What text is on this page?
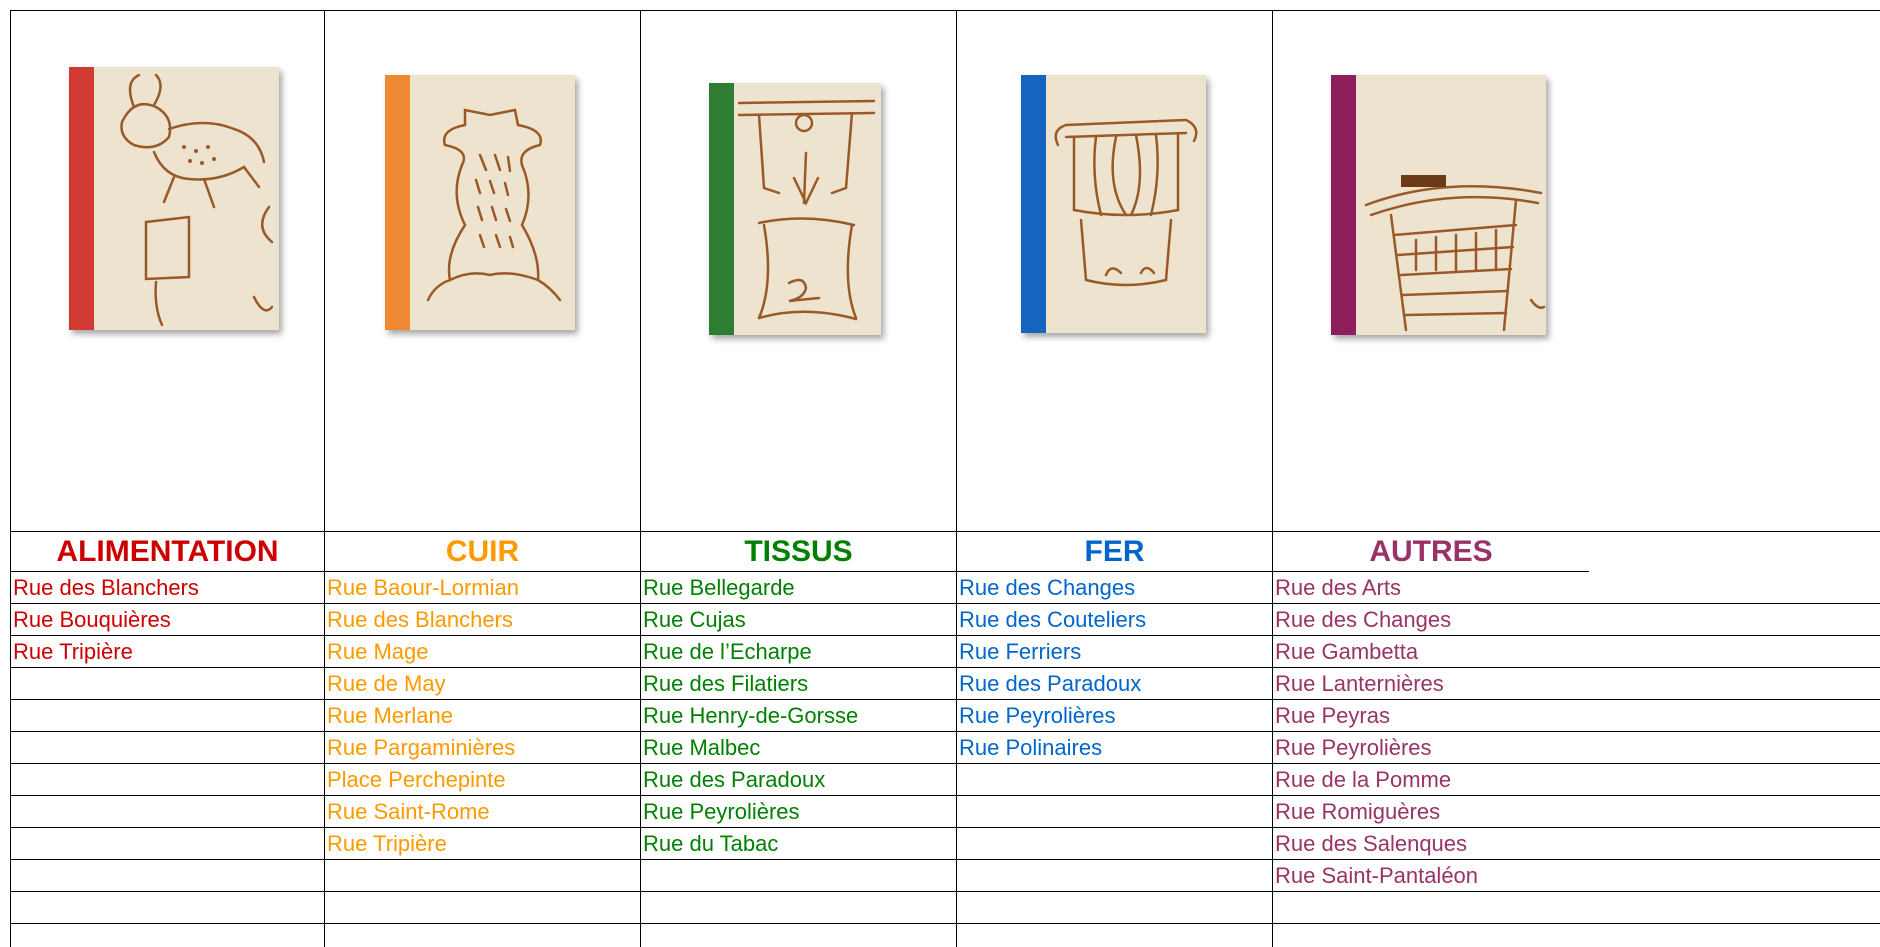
ALIMENTATION
Rue des Blanchers
Rue Bouquières
Rue Tripière
CUIR
Rue Baour-Lormian
Rue des Blanchers
Rue Mage
Rue de May
Rue Merlane
Rue Pargaminières
Place Perchepinte
Rue Saint-Rome
Rue Tripière
TISSUS
Rue Bellegarde
Rue Cujas
Rue de l’Echarpe
Rue des Filatiers
Rue Henry-de-Gorsse
Rue Malbec
Rue des Paradoux
Rue Peyrolières
Rue du Tabac
FER
Rue des Changes
Rue des Couteliers
Rue Ferriers
Rue des Paradoux
Rue Peyrolières
Rue Polinaires
AUTRES
Rue des Arts
Rue des Changes
Rue Gambetta
Rue Lanternières
Rue Peyras
Rue Peyrolières
Rue de la Pomme
Rue Romiguères
Rue des Salenques
Rue Saint-Pantaléon
